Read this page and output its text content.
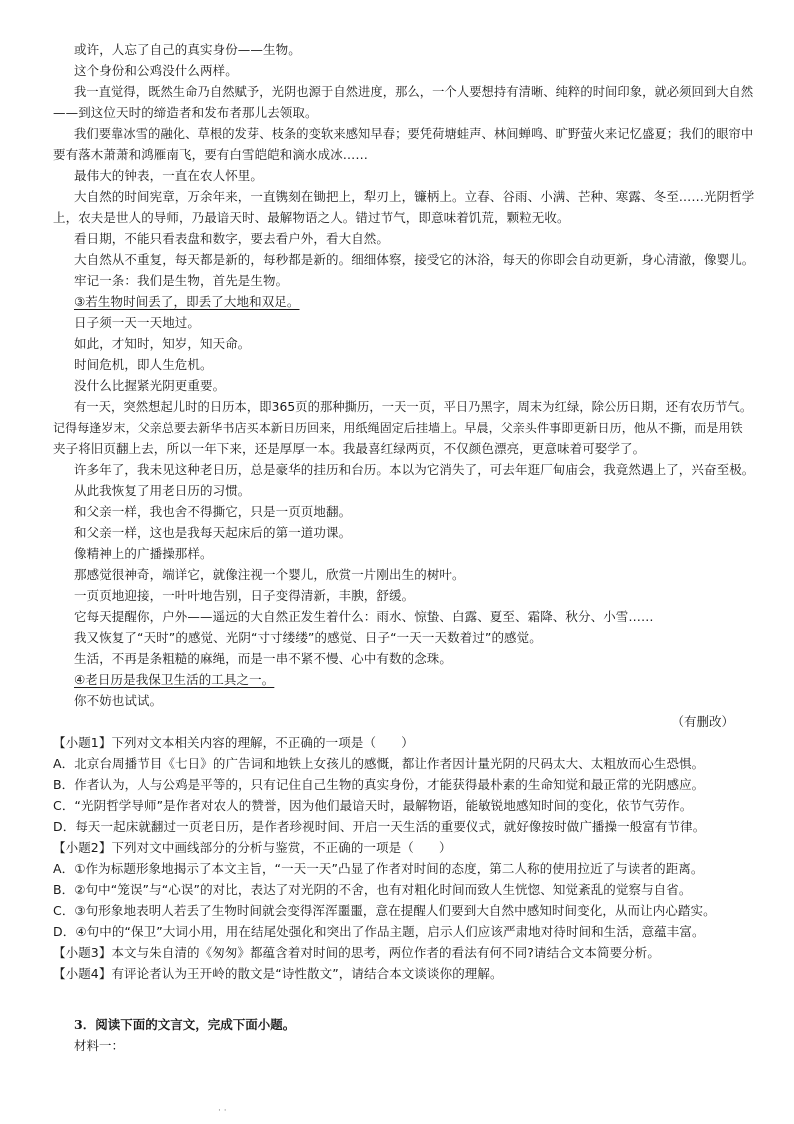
或许，人忘了自己的真实身份——生物。
这个身份和公鸡没什么两样。
我一直觉得，既然生命乃自然赋予，光阴也源于自然进度，那么，一个人要想持有清晰、纯粹的时间印象，就必须回到大自然
——到这位天时的缔造者和发布者那儿去领取。
我们要靠冰雪的融化、草根的发芽、枝条的变软来感知早春；要凭荷塘蛙声、林间蝉鸣、旷野萤火来记忆盛夏；我们的眼帘中
要有落木萧萧和鸿雁南飞，要有白雪皑皑和滴水成冰……
最伟大的钟表，一直在农人怀里。
大自然的时间宪章，万余年来，一直镌刻在锄把上，犁刃上，镰柄上。立春、谷雨、小满、芒种、寒露、冬至……光阴哲学
上，农夫是世人的导师，乃最谙天时、最解物语之人。错过节气，即意味着饥荒，颗粒无收。
看日期，不能只看表盘和数字，要去看户外，看大自然。
大自然从不重复，每天都是新的，每秒都是新的。细细体察，接受它的沐浴，每天的你即会自动更新，身心清澈，像婴儿。
牢记一条：我们是生物，首先是生物。
③若生物时间丢了，即丢了大地和双足。
日子须一天一天地过。
如此，才知时，知岁，知天命。
时间危机，即人生危机。
没什么比握紧光阴更重要。
有一天，突然想起儿时的日历本，即365页的那种撕历，一天一页，平日乃黑字，周末为红绿，除公历日期，还有农历节气。
记得每逢岁末，父亲总要去新华书店买本新日历回来，用纸绳固定后挂墙上。早晨，父亲头件事即更新日历，他从不撕，而是用铁
夹子将旧页翻上去，所以一年下来，还是厚厚一本。我最喜红绿两页，不仅颜色漂亮，更意味着可娶学了。
许多年了，我未见这种老日历，总是豪华的挂历和台历。本以为它消失了，可去年逛厂甸庙会，我竟然遇上了，兴奋至极。
从此我恢复了用老日历的习惯。
和父亲一样，我也舍不得撕它，只是一页页地翻。
和父亲一样，这也是我每天起床后的第一道功课。
像精神上的广播操那样。
那感觉很神奇，端详它，就像注视一个婴儿，欣赏一片刚出生的树叶。
一页页地迎接，一叶叶地告别，日子变得清新，丰腴，舒缓。
它每天提醒你，户外——遥远的大自然正发生着什么：雨水、惊蛰、白露、夏至、霜降、秋分、小雪……
我又恢复了“天时”的感觉、光阴“寸寸缕缕”的感觉、日子“一天一天数着过”的感觉。
生活，不再是条粗糙的麻绳，而是一串不紧不慢、心中有数的念珠。
④老日历是我保卫生活的工具之一。
你不妨也试试。
（有删改）
【小题1】下列对文本相关内容的理解，不正确的一项是（　　）
A．北京台周播节目《七日》的广告词和地铁上女孩儿的感慨，都让作者因计量光阴的尺码太大、太粗放而心生恐惧。
B．作者认为，人与公鸡是平等的，只有记住自己生物的真实身份，才能获得最朴素的生命知觉和最正常的光阴感应。
C．“光阴哲学导师”是作者对农人的赞誉，因为他们最谙天时，最解物语，能敏锐地感知时间的变化，依节气劳作。
D．每天一起床就翻过一页老日历，是作者珍视时间、开启一天生活的重要仪式，就好像按时做广播操一般富有节律。
【小题2】下列对文中画线部分的分析与鉴赏，不正确的一项是（　　）
A．①作为标题形象地揭示了本文主旨，“一天一天”凸显了作者对时间的态度，第二人称的使用拉近了与读者的距离。
B．②句中“笼误”与“心误”的对比，表达了对光阴的不舍，也有对粗化时间而致人生恍惚、知觉紊乱的觉察与自省。
C．③句形象地表明人若丢了生物时间就会变得浑浑噩噩，意在提醒人们要到大自然中感知时间变化，从而让内心踏实。
D．④句中的“保卫”大词小用，用在结尾处强化和突出了作品主题，启示人们应该严肃地对待时间和生活，意蕴丰富。
【小题3】本文与朱自清的《匆匆》都蕴含着对时间的思考，两位作者的看法有何不同?请结合文本简要分析。
【小题4】有评论者认为王开岭的散文是“诗性散文”，请结合本文谈谈你的理解。
3．阅读下面的文言文，完成下面小题。
材料一：
· ·
